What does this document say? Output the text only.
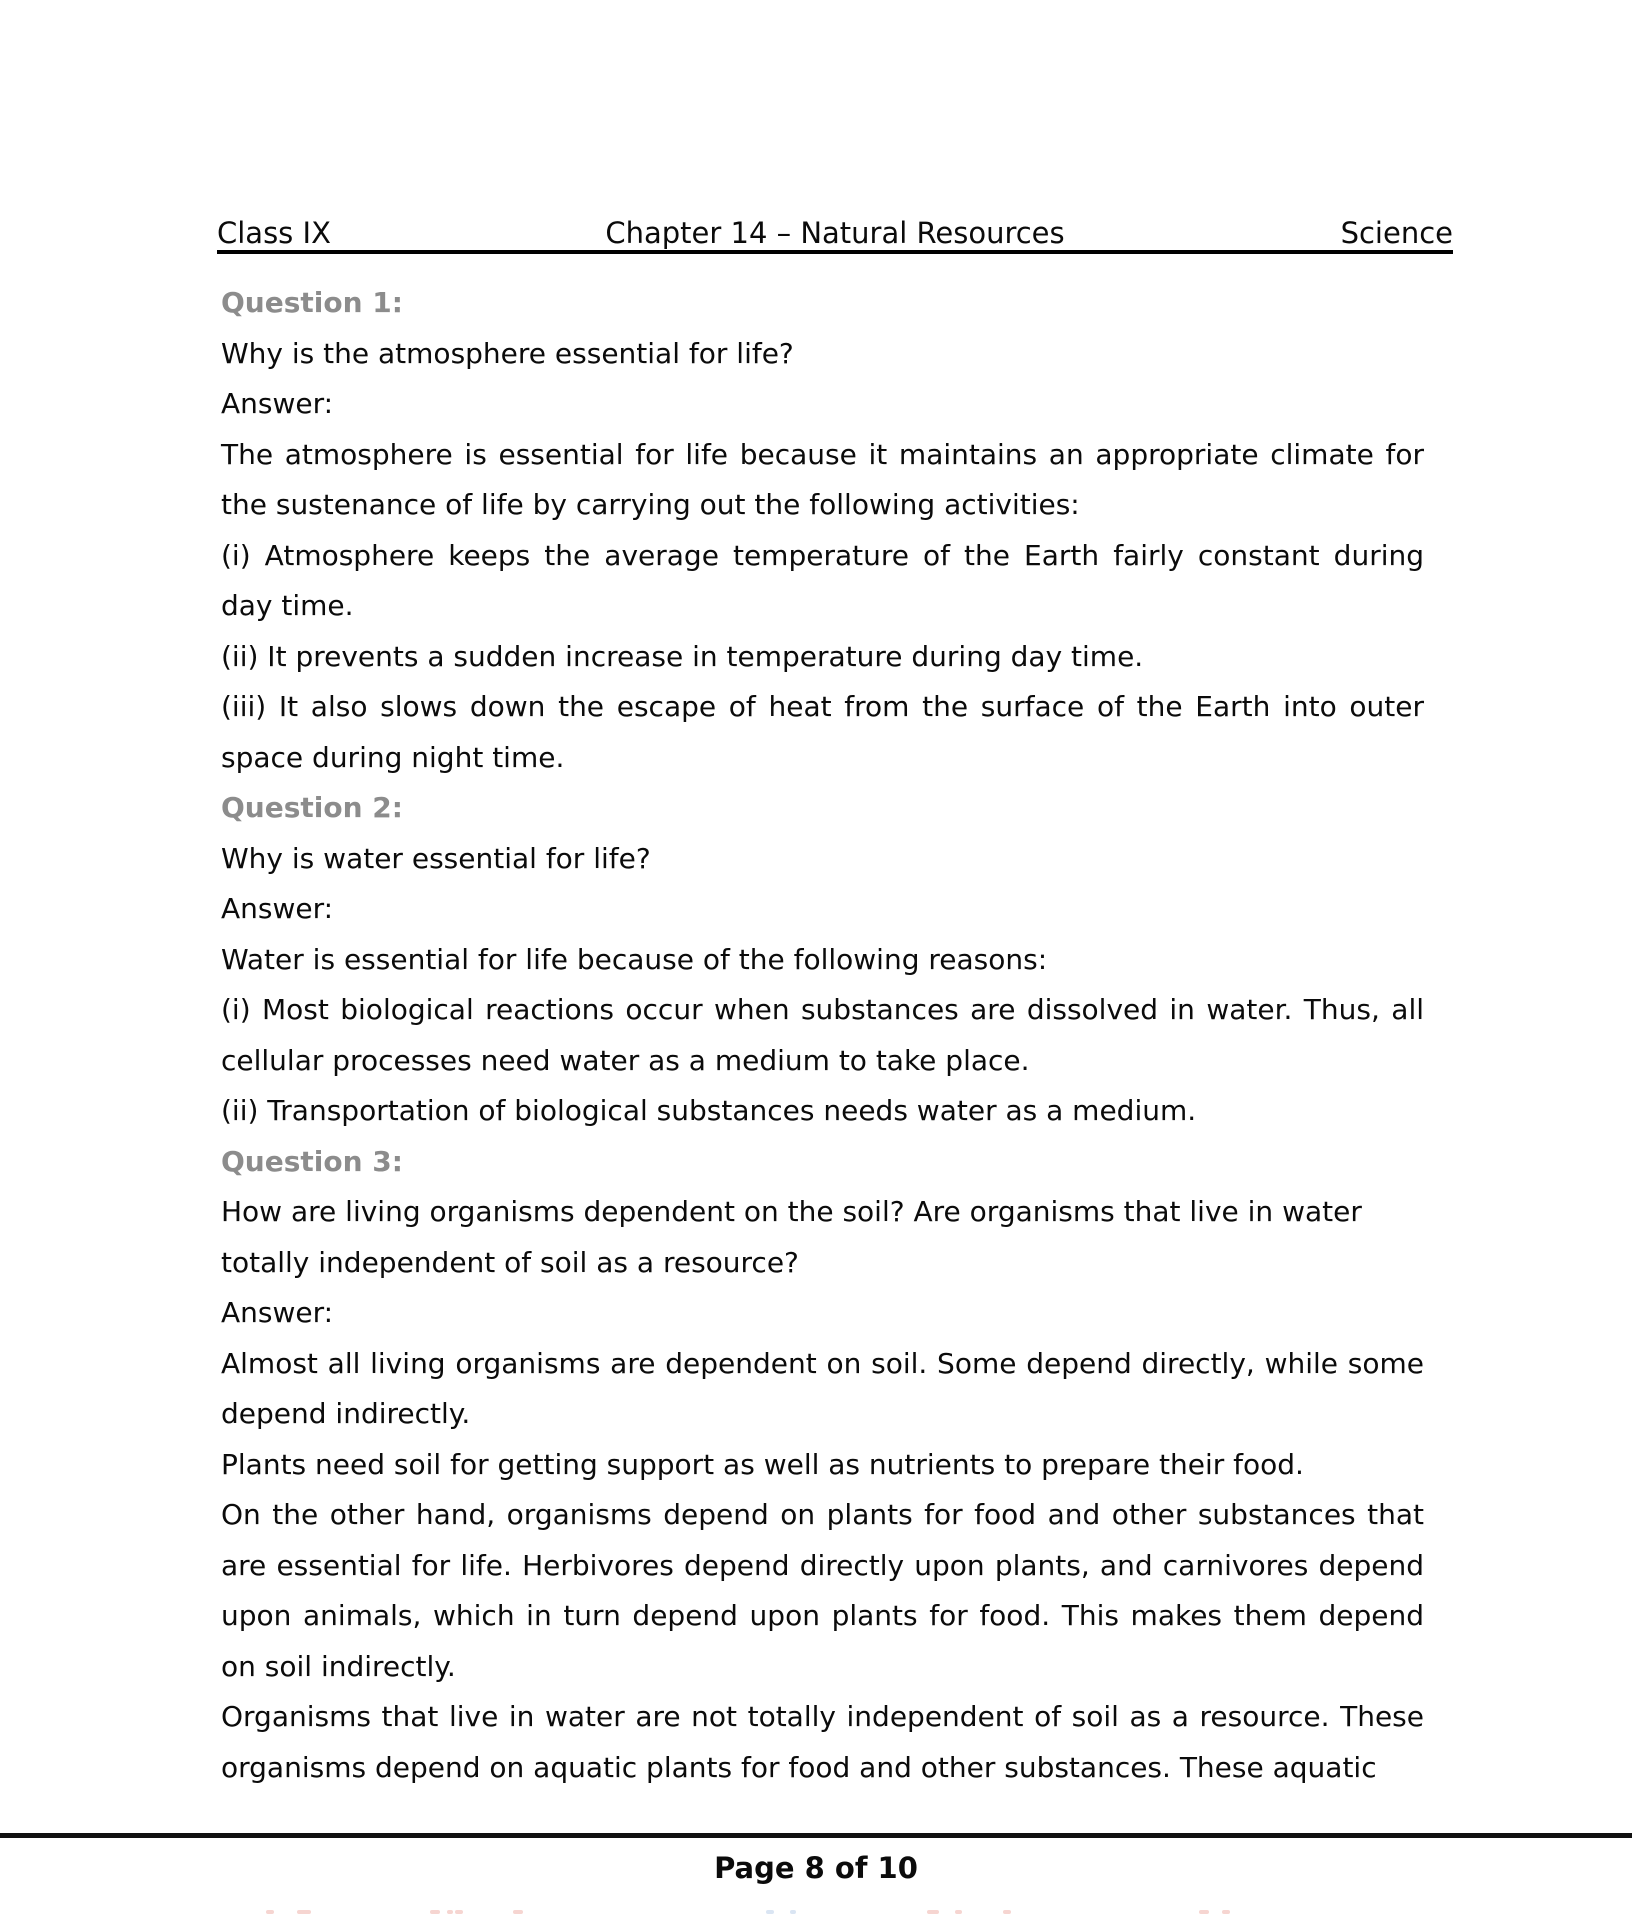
Class IX	Chapter 14 – Natural Resources	Science

Question 1:

Why is the atmosphere essential for life?

Answer:

The atmosphere is essential for life because it maintains an appropriate climate for the sustenance of life by carrying out the following activities:

(i) Atmosphere keeps the average temperature of the Earth fairly constant during day time.

(ii) It prevents a sudden increase in temperature during day time.

(iii) It also slows down the escape of heat from the surface of the Earth into outer space during night time.

Question 2:

Why is water essential for life?

Answer:

Water is essential for life because of the following reasons:

(i) Most biological reactions occur when substances are dissolved in water. Thus, all cellular processes need water as a medium to take place.

(ii) Transportation of biological substances needs water as a medium.

Question 3:

How are living organisms dependent on the soil? Are organisms that live in water totally independent of soil as a resource?

Answer:

Almost all living organisms are dependent on soil. Some depend directly, while some depend indirectly.

Plants need soil for getting support as well as nutrients to prepare their food.

On the other hand, organisms depend on plants for food and other substances that are essential for life. Herbivores depend directly upon plants, and carnivores depend upon animals, which in turn depend upon plants for food. This makes them depend on soil indirectly.

Organisms that live in water are not totally independent of soil as a resource. These organisms depend on aquatic plants for food and other substances. These aquatic

Page 8 of 10
